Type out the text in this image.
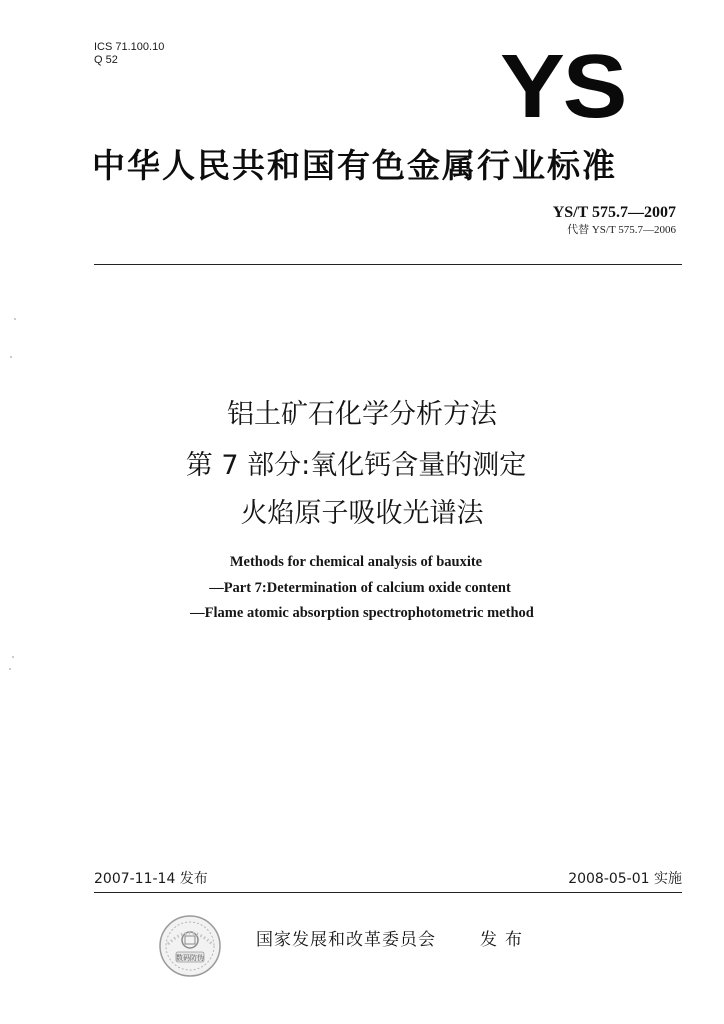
ICS 71.100.10
Q 52	YS
中华人民共和国有色金属行业标准
YS/T 575.7—2007
代替 YS/T 575.7—2006
铝土矿石化学分析方法
第 7 部分:氧化钙含量的测定
火焰原子吸收光谱法
Methods for chemical analysis of bauxite
—Part 7:Determination of calcium oxide content
—Flame atomic absorption spectrophotometric method
2007-11-14 发布	2008-05-01 实施
数码防伪
国家发展和改革委员会	发布
